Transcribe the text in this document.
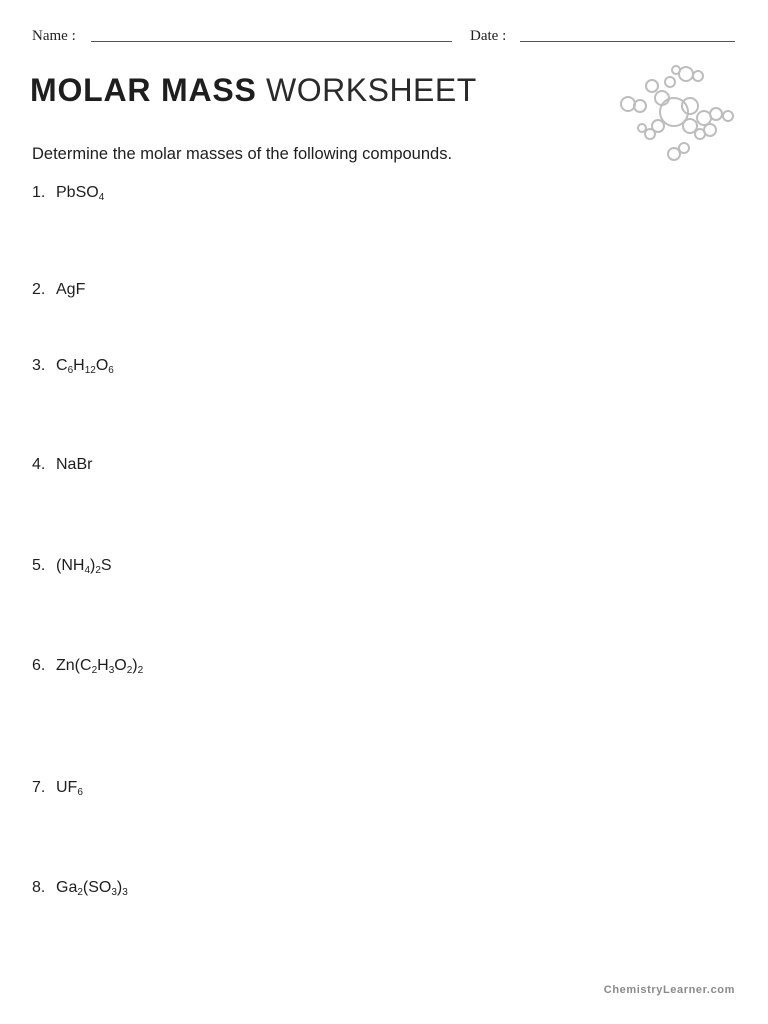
Name :	Date :
MOLAR MASS WORKSHEET
Determine the molar masses of the following compounds.
1. PbSO$_4$
2. AgF
3. $C_6H_{12}O_6$
4. NaBr
5. $(NH_4)_2S$
6. $Zn(C_2H_3O_2)_2$
7. $UF_6$
8. $Ga_2(SO_3)_3$
ChemistryLearner.com
